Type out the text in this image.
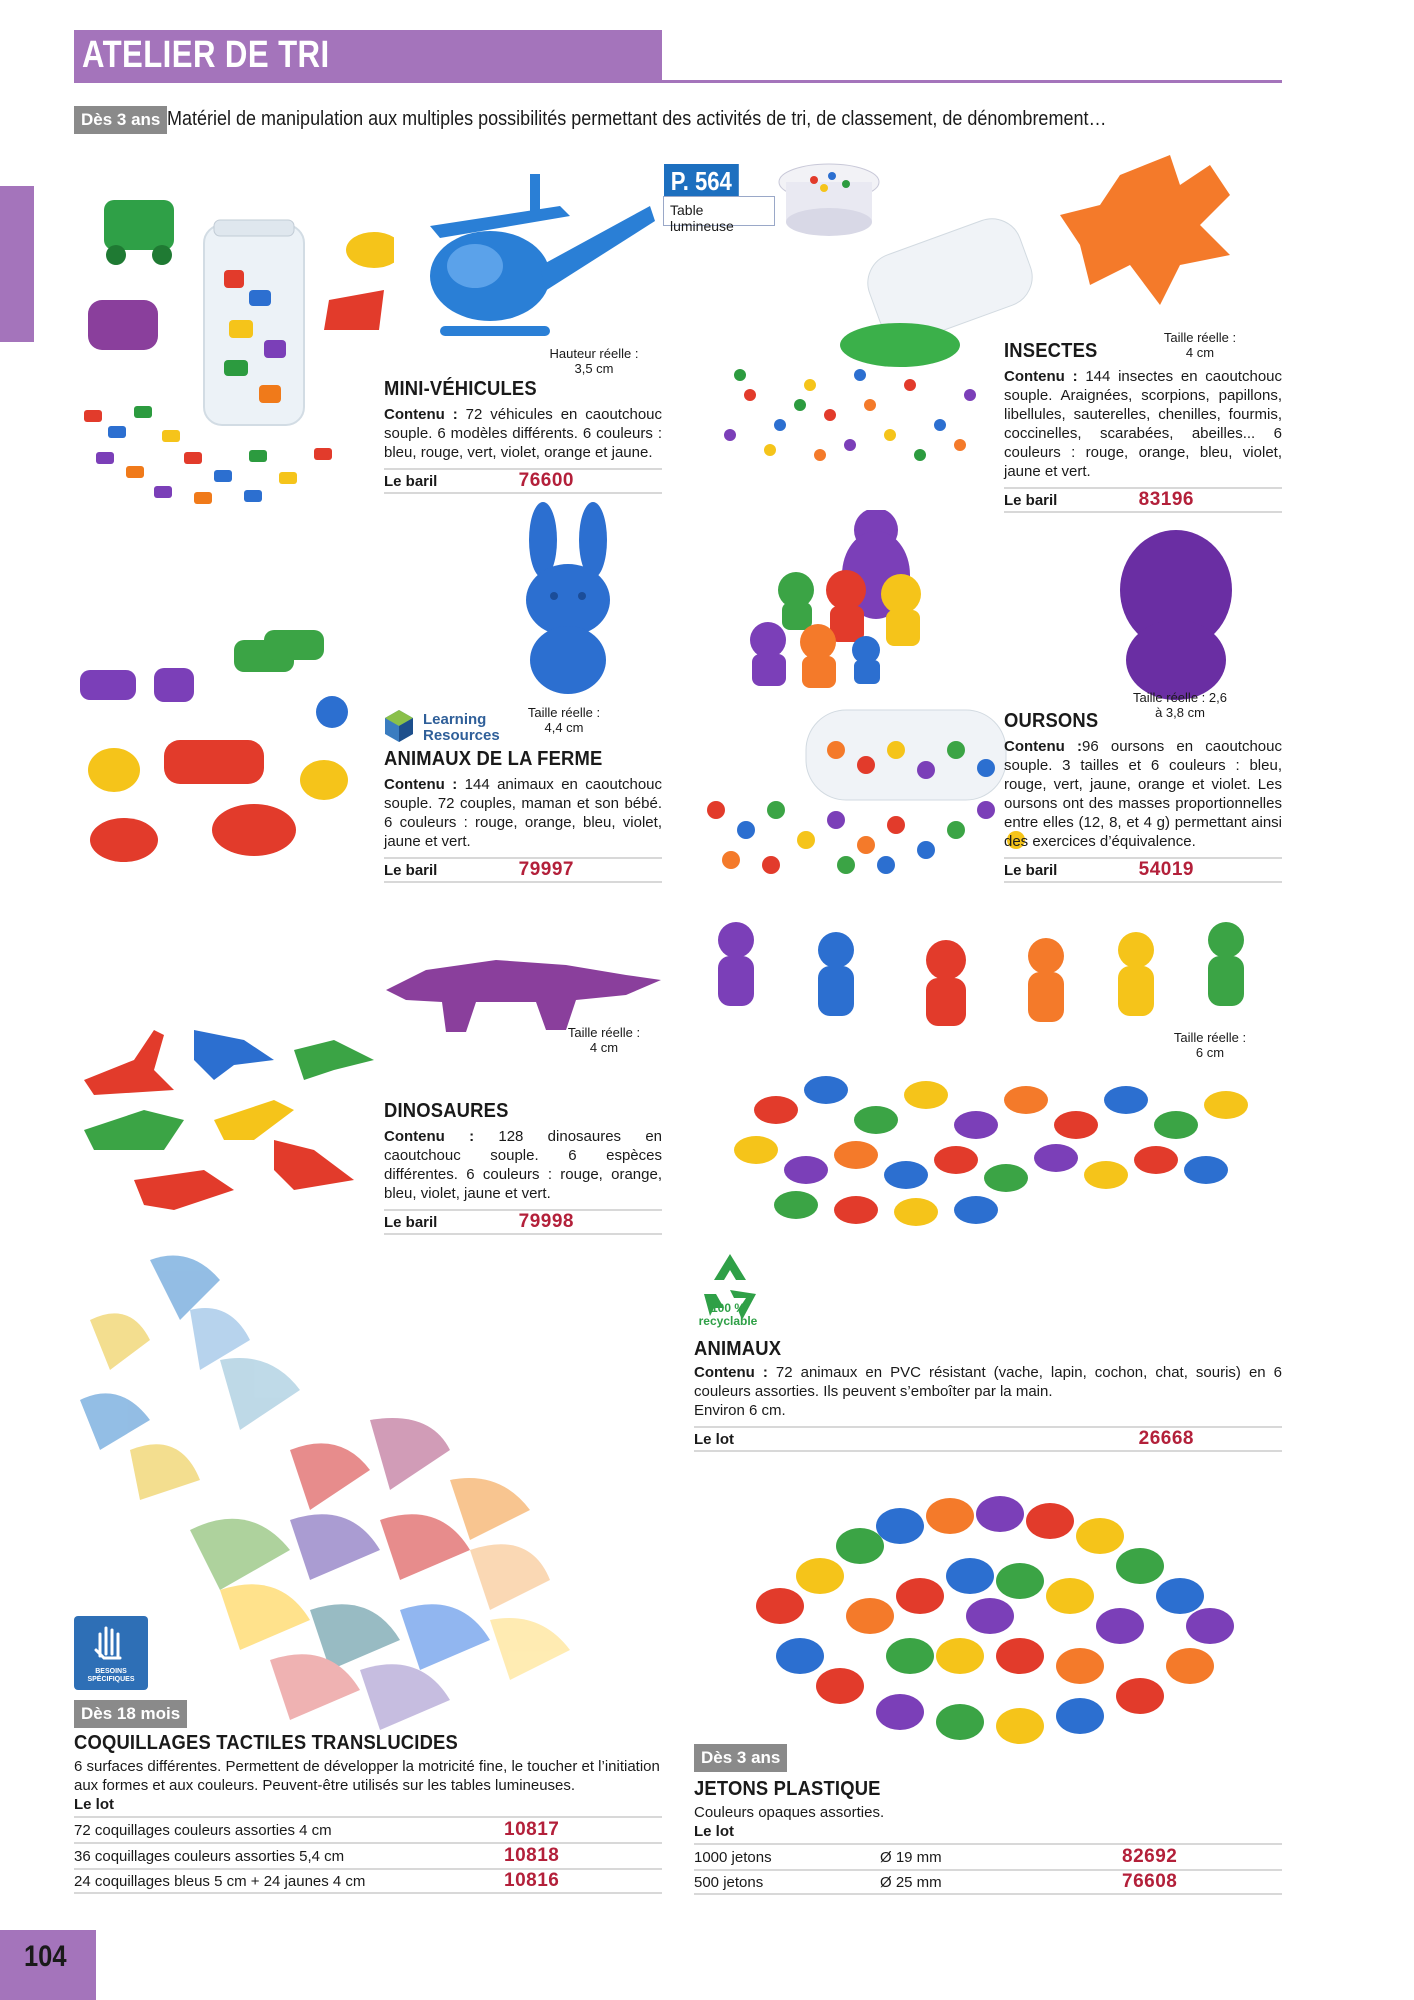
ATELIER DE TRI
Dès 3 ans Matériel de manipulation aux multiples possibilités permettant des activités de tri, de classement, de dénombrement…
P. 564
Table lumineuse
Hauteur réelle :
3,5 cm
MINI-VÉHICULES
Contenu : 72 véhicules en caoutchouc souple. 6 modèles différents. 6 couleurs : bleu, rouge, vert, violet, orange et jaune.
Le baril	76600
Taille réelle :
4 cm
INSECTES
Contenu : 144 insectes en caoutchouc souple. Araignées, scorpions, papillons, libellules, sauterelles, chenilles, fourmis, coccinelles, scarabées, abeilles... 6 couleurs : rouge, orange, bleu, violet, jaune et vert.
Le baril	83196
Learning
Resources
Taille réelle :
4,4 cm
ANIMAUX DE LA FERME
Contenu : 144 animaux en caoutchouc souple. 72 couples, maman et son bébé. 6 couleurs : rouge, orange, bleu, violet, jaune et vert.
Le baril	79997
Taille réelle : 2,6
à 3,8 cm
OURSONS
Contenu :96 oursons en caoutchouc souple. 3 tailles et 6 couleurs : bleu, rouge, vert, jaune, orange et violet. Les oursons ont des masses proportionnelles entre elles (12, 8, et 4 g) permettant ainsi des exercices d’équivalence.
Le baril	54019
Taille réelle :
4 cm
DINOSAURES
Contenu : 128 dinosaures en caoutchouc souple. 6 espèces différentes. 6 couleurs : rouge, orange, bleu, violet, jaune et vert.
Le baril	79998
Taille réelle :
6 cm
100 %
recyclable
ANIMAUX
Contenu : 72 animaux en PVC résistant (vache, lapin, cochon, chat, souris) en 6 couleurs assorties. Ils peuvent s’emboîter par la main.
Environ 6 cm.
Le lot	26668
BESOINS
SPÉCIFIQUES
Dès 18 mois
COQUILLAGES TACTILES TRANSLUCIDES
6 surfaces différentes. Permettent de développer la motricité fine, le toucher et l’initiation aux formes et aux couleurs. Peuvent-être utilisés sur les tables lumineuses.
Le lot
72 coquillages couleurs assorties 4 cm	10817
36 coquillages couleurs assorties 5,4 cm	10818
24 coquillages bleus 5 cm + 24 jaunes 4 cm	10816
Dès 3 ans
JETONS PLASTIQUE
Couleurs opaques assorties.
Le lot
1000 jetons	Ø 19 mm	82692
500 jetons	Ø 25 mm	76608
104
